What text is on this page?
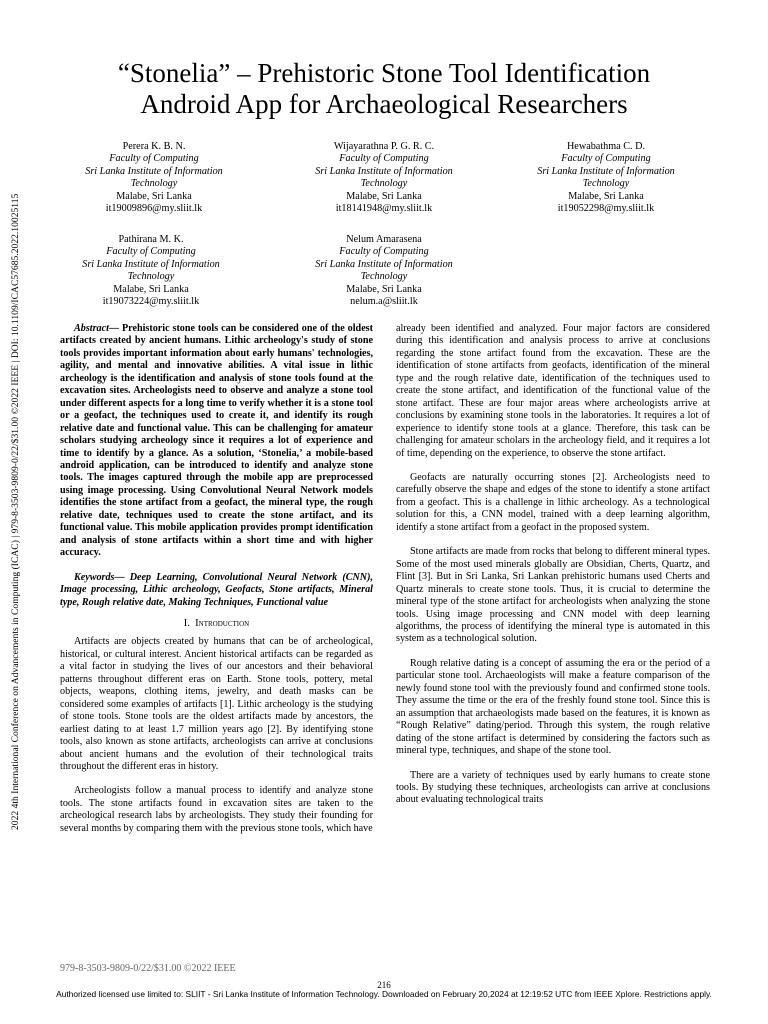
“Stonelia” – Prehistoric Stone Tool Identification
Android App for Archaeological Researchers
Perera K. B. N.
Faculty of Computing
Sri Lanka Institute of Information
Technology
Malabe, Sri Lanka
it19009896@my.sliit.lk
Wijayarathna P. G. R. C.
Faculty of Computing
Sri Lanka Institute of Information
Technology
Malabe, Sri Lanka
it18141948@my.sliit.lk
Hewabathma C. D.
Faculty of Computing
Sri Lanka Institute of Information
Technology
Malabe, Sri Lanka
it19052298@my.sliit.lk
Pathirana M. K.
Faculty of Computing
Sri Lanka Institute of Information
Technology
Malabe, Sri Lanka
it19073224@my.sliit.lk
Nelum Amarasena
Faculty of Computing
Sri Lanka Institute of Information
Technology
Malabe, Sri Lanka
nelum.a@sliit.lk
2022 4th International Conference on Advancements in Computing (ICAC) | 979-8-3503-9809-0/22/$31.00 ©2022 IEEE | DOI: 10.1109/ICAC57685.2022.10025115	Abstract— Prehistoric stone tools can be considered one of the oldest artifacts created by ancient humans. Lithic archeology's study of stone tools provides important information about early humans' technologies, agility, and mental and innovative abilities. A vital issue in lithic archeology is the identification and analysis of stone tools found at the excavation sites. Archeologists need to observe and analyze a stone tool under different aspects for a long time to verify whether it is a stone tool or a geofact, the techniques used to create it, and identify its rough relative date and functional value. This can be challenging for amateur scholars studying archeology since it requires a lot of experience and time to identify by a glance. As a solution, ‘Stonelia,’ a mobile-based android application, can be introduced to identify and analyze stone tools. The images captured through the mobile app are preprocessed using image processing. Using Convolutional Neural Network models identifies the stone artifact from a geofact, the mineral type, the rough relative date, techniques used to create the stone artifact, and its functional value. This mobile application provides prompt identification and analysis of stone artifacts within a short time and with higher accuracy.

Keywords— Deep Learning, Convolutional Neural Network (CNN), Image processing, Lithic archeology, Geofacts, Stone artifacts, Mineral type, Rough relative date, Making Techniques, Functional value

I. Introduction

Artifacts are objects created by humans that can be of archeological, historical, or cultural interest. Ancient historical artifacts can be regarded as a vital factor in studying the lives of our ancestors and their behavioral patterns throughout different eras on Earth. Stone tools, pottery, metal objects, weapons, clothing items, jewelry, and death masks can be considered some examples of artifacts [1]. Lithic archeology is the studying of stone tools. Stone tools are the oldest artifacts made by ancestors, the earliest dating to at least 1.7 million years ago [2]. By identifying stone tools, also known as stone artifacts, archeologists can arrive at conclusions about ancient humans and the evolution of their technological traits throughout the different eras in history.

Archeologists follow a manual process to identify and analyze stone tools. The stone artifacts found in excavation sites are taken to the archeological research labs by archeologists. They study their founding for several months by comparing them with the previous stone tools, which have

already been identified and analyzed. Four major factors are considered during this identification and analysis process to arrive at conclusions regarding the stone artifact found from the excavation. These are the identification of stone artifacts from geofacts, identification of the mineral type and the rough relative date, identification of the techniques used to create the stone artifact, and identification of the functional value of the stone artifact. These are four major areas where archeologists arrive at conclusions by examining stone tools in the laboratories. It requires a lot of experience to identify stone tools at a glance. Therefore, this task can be challenging for amateur scholars in the archeology field, and it requires a lot of time, depending on the experience, to observe the stone artifact.

Geofacts are naturally occurring stones [2]. Archeologists need to carefully observe the shape and edges of the stone to identify a stone artifact from a geofact. This is a challenge in lithic archeology. As a technological solution for this, a CNN model, trained with a deep learning algorithm, identify a stone artifact from a geofact in the proposed system.

Stone artifacts are made from rocks that belong to different mineral types. Some of the most used minerals globally are Obsidian, Cherts, Quartz, and Flint [3]. But in Sri Lanka, Sri Lankan prehistoric humans used Cherts and Quartz minerals to create stone tools. Thus, it is crucial to determine the mineral type of the stone artifact for archeologists when analyzing the stone tools. Using image processing and CNN model with deep learning algorithms, the process of identifying the mineral type is automated in this system as a technological solution.

Rough relative dating is a concept of assuming the era or the period of a particular stone tool. Archaeologists will make a feature comparison of the newly found stone tool with the previously found and confirmed stone tools. They assume the time or the era of the freshly found stone tool. Since this is an assumption that archaeologists made based on the features, it is known as “Rough Relative” dating/period. Through this system, the rough relative dating of the stone artifact is determined by considering the factors such as mineral type, techniques, and shape of the stone tool.

There are a variety of techniques used by early humans to create stone tools. By studying these techniques, archeologists can arrive at conclusions about evaluating technological traits

979-8-3503-9809-0/22/$31.00 ©2022 IEEE
216
Authorized licensed use limited to: SLIIT - Sri Lanka Institute of Information Technology. Downloaded on February 20,2024 at 12:19:52 UTC from IEEE Xplore. Restrictions apply.
